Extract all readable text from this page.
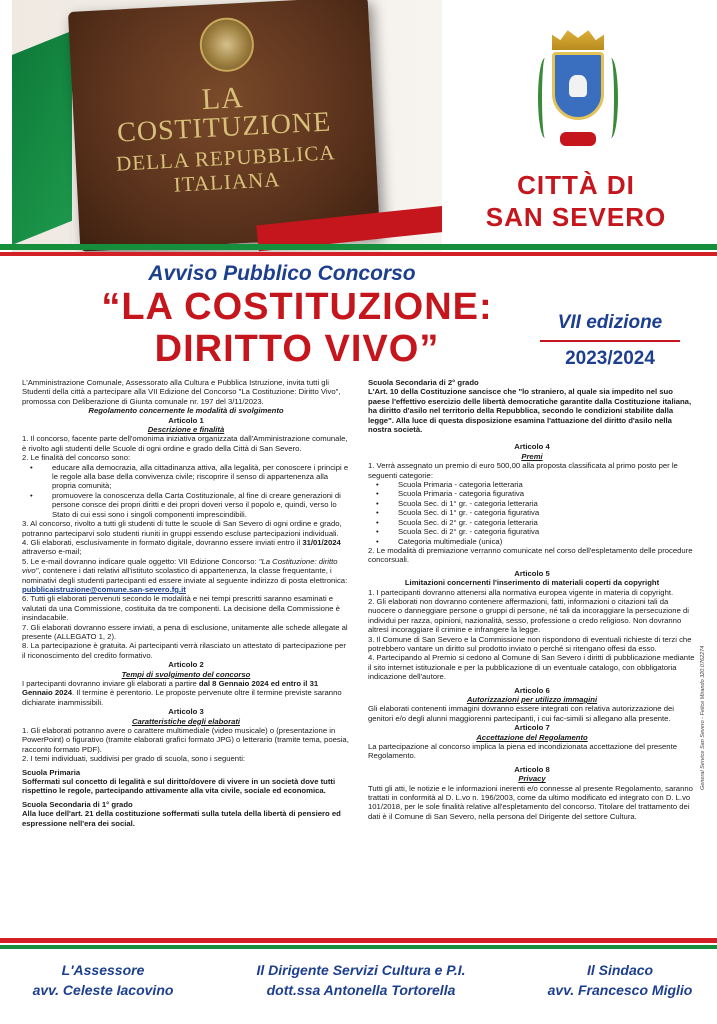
LA
COSTITUZIONE
DELLA REPUBBLICA
ITALIANA	CITTÀ DI
SAN SEVERO
Avviso Pubblico Concorso
“LA COSTITUZIONE:
DIRITTO VIVO”
VII edizione
2023/2024

L'Amministrazione Comunale, Assessorato alla Cultura e Pubblica Istruzione, invita tutti gli Studenti della città a partecipare alla VII Edizione del Concorso "La Costituzione: Diritto Vivo", promossa con Deliberazione di Giunta comunale nr. 197 del 3/11/2023.

Regolamento concernente le modalità di svolgimento

Articolo 1

Descrizione e finalità

1. Il concorso, facente parte dell'omonima iniziativa organizzata dall'Amministrazione comunale, è rivolto agli studenti delle Scuole di ogni ordine e grado della Città di San Severo.

2. Le finalità del concorso sono:

• educare alla democrazia, alla cittadinanza attiva, alla legalità, per conoscere i principi e le regole alla base della convivenza civile; riscoprire il senso di appartenenza alla propria comunità;

• promuovere la conoscenza della Carta Costituzionale, al fine di creare generazioni di persone consce dei propri diritti e dei propri doveri verso il popolo e, quindi, verso lo Stato di cui essi sono i singoli componenti imprescindibili.

3. Al concorso, rivolto a tutti gli studenti di tutte le scuole di San Severo di ogni ordine e grado, potranno parteciparvi solo studenti riuniti in gruppi essendo escluse partecipazioni individuali.

4. Gli elaborati, esclusivamente in formato digitale, dovranno essere inviati entro il 31/01/2024 attraverso e-mail;

5. Le e-mail dovranno indicare quale oggetto: VII Edizione Concorso: "La Costituzione: diritto vivo", contenere i dati relativi all'istituto scolastico di appartenenza, la classe frequentante, i nominativi degli studenti partecipanti ed essere inviate al seguente indirizzo di posta elettronica:

pubblicaistruzione@comune.san-severo.fg.it

6. Tutti gli elaborati pervenuti secondo le modalità e nei tempi prescritti saranno esaminati e valutati da una Commissione, costituita da tre componenti. La decisione della Commissione è insindacabile.

7. Gli elaborati dovranno essere inviati, a pena di esclusione, unitamente alle schede allegate al presente (ALLEGATO 1, 2).

8. La partecipazione è gratuita. Ai partecipanti verrà rilasciato un attestato di partecipazione per il riconoscimento del credito formativo.

Articolo 2

Tempi di svolgimento del concorso

I partecipanti dovranno inviare gli elaborati a partire dal 8 Gennaio 2024 ed entro il 31 Gennaio 2024. Il termine è perentorio. Le proposte pervenute oltre il termine previste saranno dichiarate inammissibili.

Articolo 3

Caratteristiche degli elaborati

1. Gli elaborati potranno avere o carattere multimediale (video musicale) o (presentazione in PowerPoint) o figurativo (tramite elaborati grafici formato JPG) o letterario (tramite tema, poesia, racconto formato PDF).

2. I temi individuati, suddivisi per grado di scuola, sono i seguenti:

Scuola Primaria

Soffermati sul concetto di legalità e sul diritto/dovere di vivere in un società dove tutti rispettino le regole, partecipando attivamente alla vita civile, sociale ed economica.

Scuola Secondaria di 1° grado

Alla luce dell'art. 21 della costituzione soffermati sulla tutela della libertà di pensiero ed espressione nell'era dei social.

Scuola Secondaria di 2° grado

L'Art. 10 della Costituzione sancisce che "lo straniero, al quale sia impedito nel suo paese l'effettivo esercizio delle libertà democratiche garantite dalla Costituzione italiana, ha diritto d'asilo nel territorio della Repubblica, secondo le condizioni stabilite dalla legge". Alla luce di questa disposizione esamina l'attuazione del diritto d'asilo nella nostra società.

Articolo 4

Premi

1. Verrà assegnato un premio di euro 500,00 alla proposta classificata al primo posto per le seguenti categorie:

• Scuola Primaria - categoria letteraria

• Scuola Primaria - categoria figurativa

• Scuola Sec. di 1° gr. - categoria letteraria

• Scuola Sec. di 1° gr. - categoria figurativa

• Scuola Sec. di 2° gr. - categoria letteraria

• Scuola Sec. di 2° gr. - categoria figurativa

• Categoria multimediale (unica)

2. Le modalità di premiazione verranno comunicate nel corso dell'espletamento delle procedure concorsuali.

Articolo 5

Limitazioni concernenti l'inserimento di materiali coperti da copyright

1. I partecipanti dovranno attenersi alla normativa europea vigente in materia di copyright.

2. Gli elaborati non dovranno contenere affermazioni, fatti, informazioni o citazioni tali da nuocere o danneggiare persone o gruppi di persone, né tali da incoraggiare la persecuzione di individui per razza, opinioni, nazionalità, sesso, professione o credo religioso. Non dovranno altresì incoraggiare il crimine e infrangere la legge.

3. Il Comune di San Severo e la Commissione non rispondono di eventuali richieste di terzi che potrebbero vantare un diritto sul prodotto inviato o perché si ritengano offesi da esso.

4. Partecipando al Premio si cedono al Comune di San Severo i diritti di pubblicazione mediante il sito internet istituzionale e per la pubblicazione di un eventuale catalogo, con obbligatoria indicazione dell'autore.

Articolo 6

Autorizzazioni per utilizzo immagini

Gli elaborati contenenti immagini dovranno essere integrati con relativa autorizzazione dei genitori e/o degli alunni maggiorenni partecipanti, i cui fac-simili si allegano alla presente.

Articolo 7

Accettazione del Regolamento

La partecipazione al concorso implica la piena ed incondizionata accettazione del presente Regolamento.

Articolo 8

Privacy

Tutti gli atti, le notizie e le informazioni inerenti e/o connesse al presente Regolamento, saranno trattati in conformità al D. L.vo n. 196/2003, come da ultimo modificato ed integrato con D. L.vo 101/2018, per le sole finalità relative all'espletamento del concorso. Titolare del trattamento dei dati è il Comune di San Severo, nella persona del Dirigente del settore Cultura.

General Service San Severo - Felice Mirando 320.0762274
L'Assessore
avv. Celeste Iacovino
Il Dirigente Servizi Cultura e P.I.
dott.ssa Antonella Tortorella
Il Sindaco
avv. Francesco Miglio
